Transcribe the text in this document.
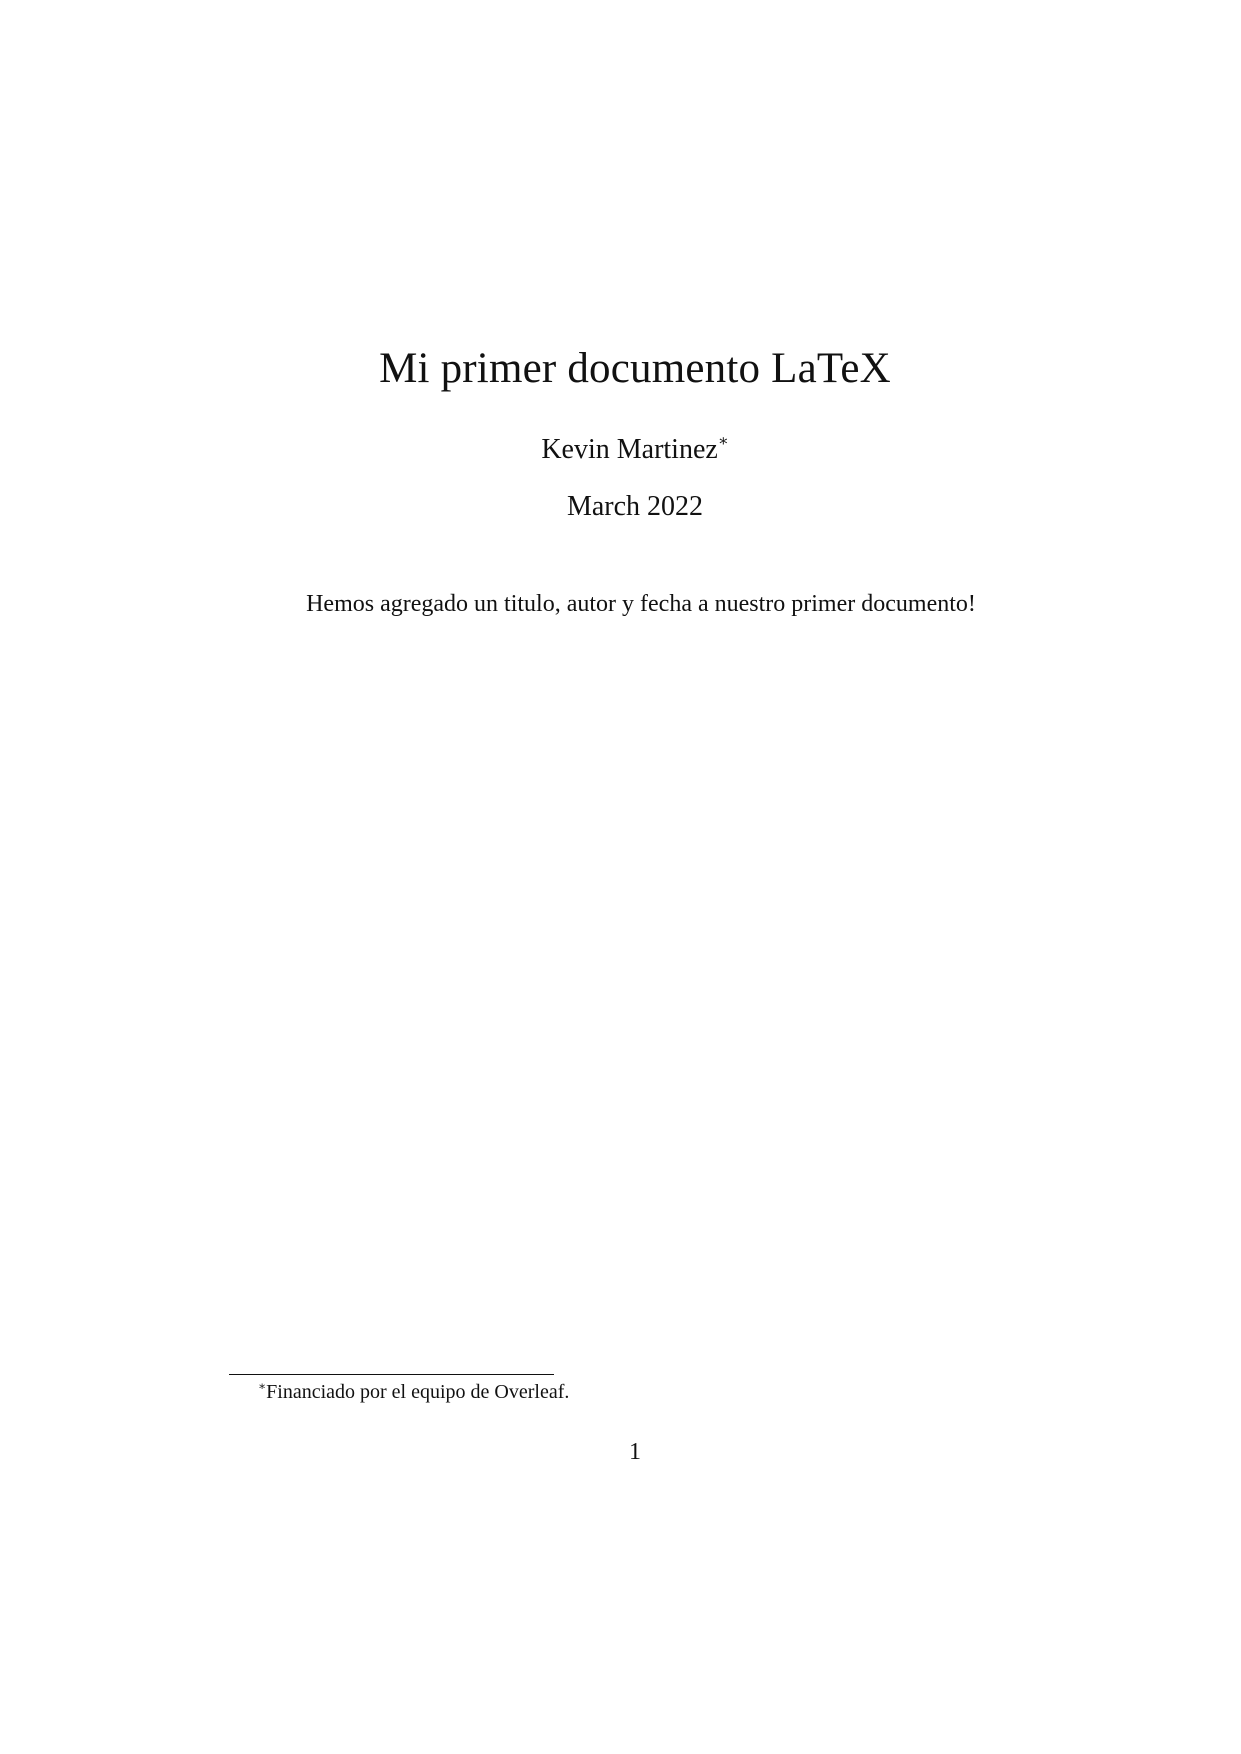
Mi primer documento LaTeX
Kevin Martinez∗
March 2022
Hemos agregado un titulo, autor y fecha a nuestro primer documento!
∗Financiado por el equipo de Overleaf.
1
